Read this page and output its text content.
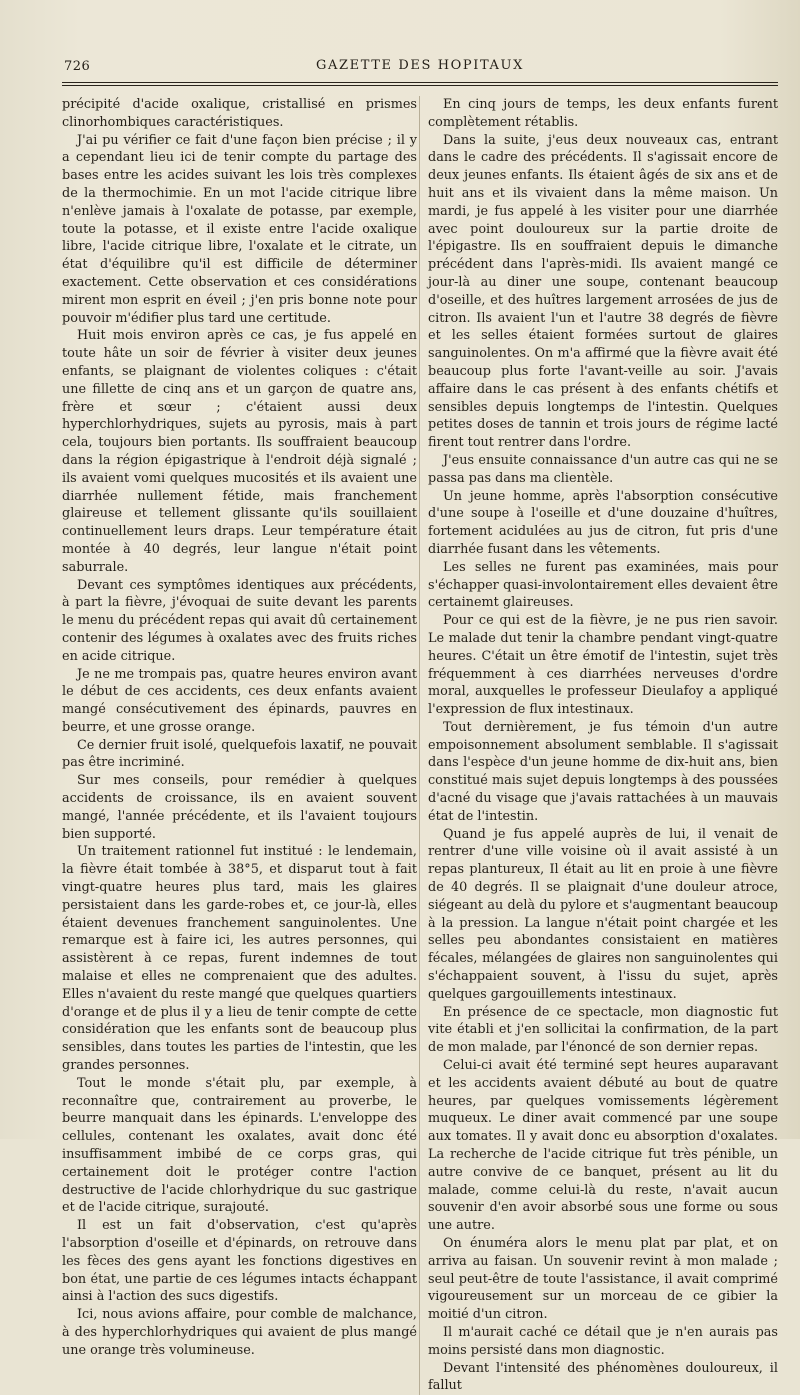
726	GAZETTE DES HOPITAUX

précipité d'acide oxalique, cristallisé en prismes clinorhombiques caractéristiques.

J'ai pu vérifier ce fait d'une façon bien précise ; il y a cependant lieu ici de tenir compte du partage des bases entre les acides suivant les lois très complexes de la thermochimie. En un mot l'acide citrique libre n'enlève jamais à l'oxalate de potasse, par exemple, toute la potasse, et il existe entre l'acide oxalique libre, l'acide citrique libre, l'oxalate et le citrate, un état d'équilibre qu'il est difficile de déterminer exactement. Cette observation et ces considérations mirent mon esprit en éveil ; j'en pris bonne note pour pouvoir m'édifier plus tard une certitude.

Huit mois environ après ce cas, je fus appelé en toute hâte un soir de février à visiter deux jeunes enfants, se plaignant de violentes coliques : c'était une fillette de cinq ans et un garçon de quatre ans, frère et sœur ; c'étaient aussi deux hyperchlorhydriques, sujets au pyrosis, mais à part cela, toujours bien portants. Ils souffraient beaucoup dans la région épigastrique à l'endroit déjà signalé ; ils avaient vomi quelques mucosités et ils avaient une diarrhée nullement fétide, mais franchement glaireuse et tellement glissante qu'ils souillaient continuellement leurs draps. Leur température était montée à 40 degrés, leur langue n'était point saburrale.

Devant ces symptômes identiques aux précédents, à part la fièvre, j'évoquai de suite devant les parents le menu du précédent repas qui avait dû certainement contenir des légumes à oxalates avec des fruits riches en acide citrique.

Je ne me trompais pas, quatre heures environ avant le début de ces accidents, ces deux enfants avaient mangé consécutivement des épinards, pauvres en beurre, et une grosse orange.

Ce dernier fruit isolé, quelquefois laxatif, ne pouvait pas être incriminé.

Sur mes conseils, pour remédier à quelques accidents de croissance, ils en avaient souvent mangé, l'année précédente, et ils l'avaient toujours bien supporté.

Un traitement rationnel fut institué : le lendemain, la fièvre était tombée à 38°5, et disparut tout à fait vingt-quatre heures plus tard, mais les glaires persistaient dans les garde-robes et, ce jour-là, elles étaient devenues franchement sanguinolentes. Une remarque est à faire ici, les autres personnes, qui assistèrent à ce repas, furent indemnes de tout malaise et elles ne comprenaient que des adultes. Elles n'avaient du reste mangé que quelques quartiers d'orange et de plus il y a lieu de tenir compte de cette considération que les enfants sont de beaucoup plus sensibles, dans toutes les parties de l'intestin, que les grandes personnes.

Tout le monde s'était plu, par exemple, à reconnaître que, contrairement au proverbe, le beurre manquait dans les épinards. L'enveloppe des cellules, contenant les oxalates, avait donc été insuffisamment imbibé de ce corps gras, qui certainement doit le protéger contre l'action destructive de l'acide chlorhydrique du suc gastrique et de l'acide citrique, surajouté.

Il est un fait d'observation, c'est qu'après l'absorption d'oseille et d'épinards, on retrouve dans les fèces des gens ayant les fonctions digestives en bon état, une partie de ces légumes intacts échappant ainsi à l'action des sucs digestifs.

Ici, nous avions affaire, pour comble de malchance, à des hyperchlorhydriques qui avaient de plus mangé une orange très volumineuse.

En cinq jours de temps, les deux enfants furent complètement rétablis.

Dans la suite, j'eus deux nouveaux cas, entrant dans le cadre des précédents. Il s'agissait encore de deux jeunes enfants. Ils étaient âgés de six ans et de huit ans et ils vivaient dans la même maison. Un mardi, je fus appelé à les visiter pour une diarrhée avec point douloureux sur la partie droite de l'épigastre. Ils en souffraient depuis le dimanche précédent dans l'après-midi. Ils avaient mangé ce jour-là au diner une soupe, contenant beaucoup d'oseille, et des huîtres largement arrosées de jus de citron. Ils avaient l'un et l'autre 38 degrés de fièvre et les selles étaient formées surtout de glaires sanguinolentes. On m'a affirmé que la fièvre avait été beaucoup plus forte l'avant-veille au soir. J'avais affaire dans le cas présent à des enfants chétifs et sensibles depuis longtemps de l'intestin. Quelques petites doses de tannin et trois jours de régime lacté firent tout rentrer dans l'ordre.

J'eus ensuite connaissance d'un autre cas qui ne se passa pas dans ma clientèle.

Un jeune homme, après l'absorption consécutive d'une soupe à l'oseille et d'une douzaine d'huîtres, fortement acidulées au jus de citron, fut pris d'une diarrhée fusant dans les vêtements.

Les selles ne furent pas examinées, mais pour s'échapper quasi-involontairement elles devaient être certainemt glaireuses.

Pour ce qui est de la fièvre, je ne pus rien savoir. Le malade dut tenir la chambre pendant vingt-quatre heures. C'était un être émotif de l'intestin, sujet très fréquemment à ces diarrhées nerveuses d'ordre moral, auxquelles le professeur Dieulafoy a appliqué l'expression de flux intestinaux.

Tout dernièrement, je fus témoin d'un autre empoisonnement absolument semblable. Il s'agissait dans l'espèce d'un jeune homme de dix-huit ans, bien constitué mais sujet depuis longtemps à des poussées d'acné du visage que j'avais rattachées à un mauvais état de l'intestin.

Quand je fus appelé auprès de lui, il venait de rentrer d'une ville voisine où il avait assisté à un repas plantureux, Il était au lit en proie à une fièvre de 40 degrés. Il se plaignait d'une douleur atroce, siégeant au delà du pylore et s'augmentant beaucoup à la pression. La langue n'était point chargée et les selles peu abondantes consistaient en matières fécales, mélangées de glaires non sanguinolentes qui s'échappaient souvent, à l'issu du sujet, après quelques gargouillements intestinaux.

En présence de ce spectacle, mon diagnostic fut vite établi et j'en sollicitai la confirmation, de la part de mon malade, par l'énoncé de son dernier repas.

Celui-ci avait été terminé sept heures auparavant et les accidents avaient débuté au bout de quatre heures, par quelques vomissements légèrement muqueux. Le diner avait commencé par une soupe aux tomates. Il y avait donc eu absorption d'oxalates. La recherche de l'acide citrique fut très pénible, un autre convive de ce banquet, présent au lit du malade, comme celui-là du reste, n'avait aucun souvenir d'en avoir absorbé sous une forme ou sous une autre.

On énuméra alors le menu plat par plat, et on arriva au faisan. Un souvenir revint à mon malade ; seul peut-être de toute l'assistance, il avait comprimé vigoureusement sur un morceau de ce gibier la moitié d'un citron.

Il m'aurait caché ce détail que je n'en aurais pas moins persisté dans mon diagnostic.

Devant l'intensité des phénomènes douloureux, il fallut
